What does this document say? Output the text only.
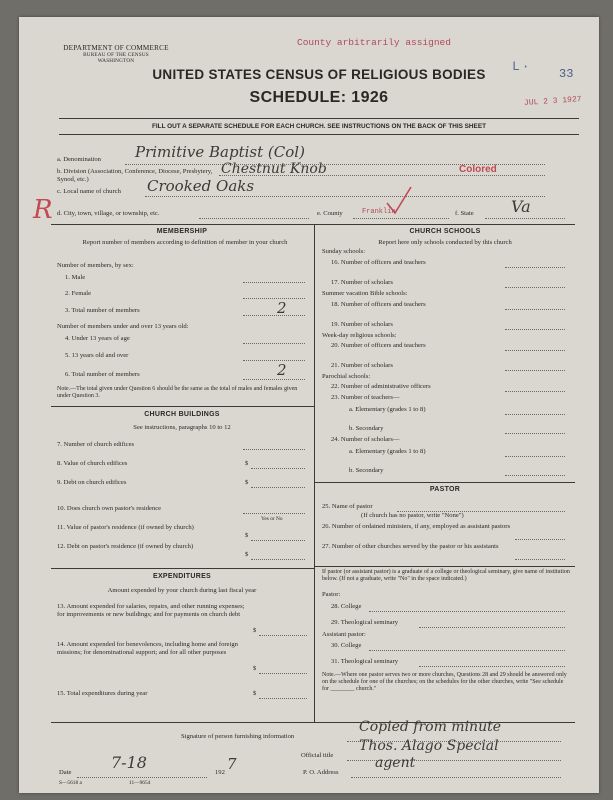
DEPARTMENT OF COMMERCE
BUREAU OF THE CENSUS
WASHINGTON
County arbitrarily assigned
L· 33
JUL 2 3 1927
UNITED STATES CENSUS OF RELIGIOUS BODIES
SCHEDULE: 1926
FILL OUT A SEPARATE SCHEDULE FOR EACH CHURCH. SEE INSTRUCTIONS ON THE BACK OF THIS SHEET
a. Denomination Primitive Baptist (Col)
b. Division (Association, Conference, Diocese, Presbytery, Synod, etc.)
Chestnut Knob	Colored
c. Local name of church Crooked Oaks
R d. City, town, village, or township, etc.	e. County	Franklin	f. State Va
MEMBERSHIP
Report number of members according to definition of member in your church
Number of members, by sex:
1. Male
2. Female
3. Total number of members	2
Number of members under and over 13 years old:
4. Under 13 years of age
5. 13 years old and over
6. Total number of members	2
Note.—The total given under Question 6 should be the same as the total of males and females given under Question 3.
CHURCH BUILDINGS
See instructions, paragraphs 10 to 12
7. Number of church edifices
8. Value of church edifices	$
9. Debt on church edifices	$
10. Does church own pastor's residence
Yes or No
11. Value of pastor's residence (if owned by church)
$
12. Debt on pastor's residence (if owned by church)
$
EXPENDITURES
Amount expended by your church during last fiscal year
13. Amount expended for salaries, repairs, and other running expenses; for improvements or new buildings; and for payments on church debt
$
14. Amount expended for benevolences, including home and foreign missions; for denominational support; and for all other purposes
$
15. Total expenditures during year	$
CHURCH SCHOOLS
Report here only schools conducted by this church
Sunday schools:
16. Number of officers and teachers
17. Number of scholars
Summer vacation Bible schools:
18. Number of officers and teachers
19. Number of scholars
Week-day religious schools:
20. Number of officers and teachers
21. Number of scholars
Parochial schools:
22. Number of administrative officers
23. Number of teachers—
a. Elementary (grades 1 to 8)
b. Secondary
24. Number of scholars—
a. Elementary (grades 1 to 8)
b. Secondary
PASTOR
25. Name of pastor
(If church has no pastor, write "None")
26. Number of ordained ministers, if any, employed as assistant pastors
27. Number of other churches served by the pastor or his assistants
If pastor (or assistant pastor) is a graduate of a college or theological seminary, give name of institution below. (If not a graduate, write "No" in the space indicated.)
Pastor:
28. College
29. Theological seminary
Assistant pastor:
30. College
31. Theological seminary
Note.—Where one pastor serves two or more churches, Questions 28 and 29 should be answered only on the schedule for one of the churches; on the schedules for the other churches, write "See schedule for ________ church."
Signature of person furnishing information
Copied from minute
Official title
Thos. Alago Special
Date
7-18
192 7	P. O. Address
agent
S—5618 a	11—9654
